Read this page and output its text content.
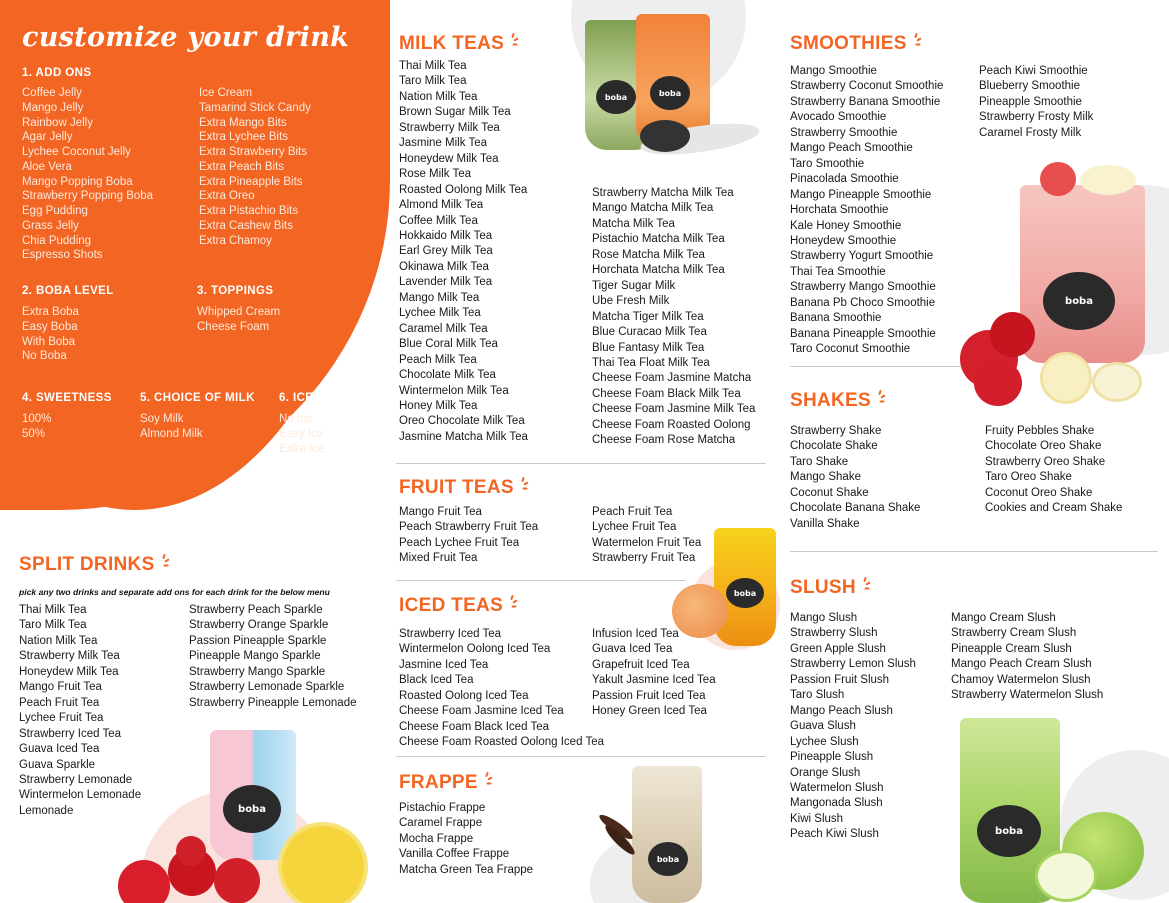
customize your drink
1. ADD ONS
Coffee Jelly
Mango Jelly
Rainbow Jelly
Agar Jelly
Lychee Coconut Jelly
Aloe Vera
Mango Popping Boba
Strawberry Popping Boba
Egg Pudding
Grass Jelly
Chia Pudding
Espresso Shots
Ice Cream
Tamarind Stick Candy
Extra Mango Bits
Extra Lychee Bits
Extra Strawberry Bits
Extra Peach Bits
Extra Pineapple Bits
Extra Oreo
Extra Pistachio Bits
Extra Cashew Bits
Extra Chamoy
2. BOBA LEVEL
Extra Boba
Easy Boba
With Boba
No Boba
3. TOPPINGS
Whipped Cream
Cheese Foam
4. SWEETNESS
100%
50%
5. CHOICE OF MILK
Soy Milk
Almond Milk
6. ICE
No Ice
Easy Ice
Extra Ice
SPLIT DRINKS
pick any two drinks and separate add ons for each drink for the below menu
Thai Milk Tea
Taro Milk Tea
Nation Milk Tea
Strawberry Milk Tea
Honeydew Milk Tea
Mango Fruit Tea
Peach Fruit Tea
Lychee Fruit Tea
Strawberry Iced Tea
Guava Iced Tea
Guava Sparkle
Strawberry Lemonade
Wintermelon Lemonade
Lemonade
Strawberry Peach Sparkle
Strawberry Orange Sparkle
Passion Pineapple Sparkle
Pineapple Mango Sparkle
Strawberry Mango Sparkle
Strawberry Lemonade Sparkle
Strawberry Pineapple Lemonade
boba
MILK TEAS
boba	boba
Thai Milk Tea
Taro Milk Tea
Nation Milk Tea
Brown Sugar Milk Tea
Strawberry Milk Tea
Jasmine Milk Tea
Honeydew Milk Tea
Rose Milk Tea
Roasted Oolong Milk Tea
Almond Milk Tea
Coffee Milk Tea
Hokkaido Milk Tea
Earl Grey Milk Tea
Okinawa Milk Tea
Lavender Milk Tea
Mango Milk Tea
Lychee Milk Tea
Caramel Milk Tea
Blue Coral Milk Tea
Peach Milk Tea
Chocolate Milk Tea
Wintermelon Milk Tea
Honey Milk Tea
Oreo Chocolate Milk Tea
Jasmine Matcha Milk Tea
Strawberry Matcha Milk Tea
Mango Matcha Milk Tea
Matcha Milk Tea
Pistachio Matcha Milk Tea
Rose Matcha Milk Tea
Horchata Matcha Milk Tea
Tiger Sugar Milk
Ube Fresh Milk
Matcha Tiger Milk Tea
Blue Curacao Milk Tea
Blue Fantasy Milk Tea
Thai Tea Float Milk Tea
Cheese Foam Jasmine Matcha
Cheese Foam Black Milk Tea
Cheese Foam Jasmine Milk Tea
Cheese Foam Roasted Oolong
Cheese Foam Rose Matcha
FRUIT TEAS
Mango Fruit Tea
Peach Strawberry Fruit Tea
Peach Lychee Fruit Tea
Mixed Fruit Tea
Peach Fruit Tea
Lychee Fruit Tea
Watermelon Fruit Tea
Strawberry Fruit Tea
boba
ICED TEAS
Strawberry Iced Tea
Wintermelon Oolong Iced Tea
Jasmine Iced Tea
Black Iced Tea
Roasted Oolong Iced Tea
Cheese Foam Jasmine Iced Tea
Cheese Foam Black Iced Tea
Cheese Foam Roasted Oolong Iced Tea
Infusion Iced Tea
Guava Iced Tea
Grapefruit Iced Tea
Yakult Jasmine Iced Tea
Passion Fruit Iced Tea
Honey Green Iced Tea
FRAPPE
Pistachio Frappe
Caramel Frappe
Mocha Frappe
Vanilla Coffee Frappe
Matcha Green Tea Frappe
boba
SMOOTHIES
Mango Smoothie
Strawberry Coconut Smoothie
Strawberry Banana Smoothie
Avocado Smoothie
Strawberry Smoothie
Mango Peach Smoothie
Taro Smoothie
Pinacolada Smoothie
Mango Pineapple Smoothie
Horchata Smoothie
Kale Honey Smoothie
Honeydew Smoothie
Strawberry Yogurt Smoothie
Thai Tea Smoothie
Strawberry Mango Smoothie
Banana Pb Choco Smoothie
Banana Smoothie
Banana Pineapple Smoothie
Taro Coconut Smoothie
Peach Kiwi Smoothie
Blueberry Smoothie
Pineapple Smoothie
Strawberry Frosty Milk
Caramel Frosty Milk
boba
SHAKES
Strawberry Shake
Chocolate Shake
Taro Shake
Mango Shake
Coconut Shake
Chocolate Banana Shake
Vanilla Shake
Fruity Pebbles Shake
Chocolate Oreo Shake
Strawberry Oreo Shake
Taro Oreo Shake
Coconut Oreo Shake
Cookies and Cream Shake
SLUSH
Mango Slush
Strawberry Slush
Green Apple Slush
Strawberry Lemon Slush
Passion Fruit Slush
Taro Slush
Mango Peach Slush
Guava Slush
Lychee Slush
Pineapple Slush
Orange Slush
Watermelon Slush
Mangonada Slush
Kiwi Slush
Peach Kiwi Slush
Mango Cream Slush
Strawberry Cream Slush
Pineapple Cream Slush
Mango Peach Cream Slush
Chamoy Watermelon Slush
Strawberry Watermelon Slush
boba
